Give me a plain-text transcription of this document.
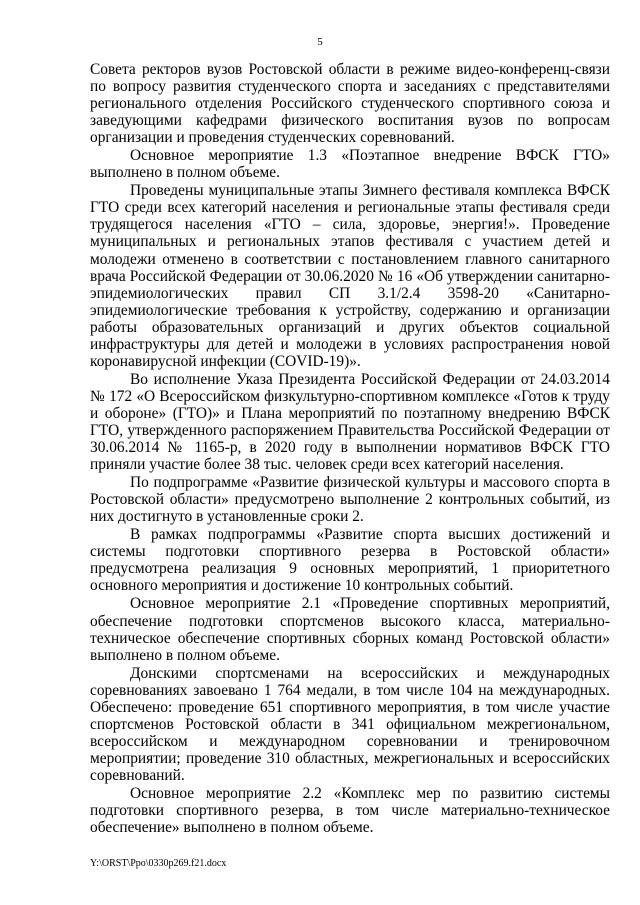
5

Совета ректоров вузов Ростовской области в режиме видео-конференц-связи по вопросу развития студенческого спорта и заседаниях с представителями регионального отделения Российского студенческого спортивного союза и заведующими кафедрами физического воспитания вузов по вопросам организации и проведения студенческих соревнований.

Основное мероприятие 1.3 «Поэтапное внедрение ВФСК ГТО» выполнено в полном объеме.

Проведены муниципальные этапы Зимнего фестиваля комплекса ВФСК ГТО среди всех категорий населения и региональные этапы фестиваля среди трудящегося населения «ГТО – сила, здоровье, энергия!». Проведение муниципальных и региональных этапов фестиваля с участием детей и молодежи отменено в соответствии с постановлением главного санитарного врача Российской Федерации от 30.06.2020 № 16 «Об утверждении санитарно-эпидемиологических правил СП 3.1/2.4 3598-20 «Санитарно-эпидемиологические требования к устройству, содержанию и организации работы образовательных организаций и других объектов социальной инфраструктуры для детей и молодежи в условиях распространения новой коронавирусной инфекции (COVID-19)».

Во исполнение Указа Президента Российской Федерации от 24.03.2014 № 172 «О Всероссийском физкультурно-спортивном комплексе «Готов к труду и обороне» (ГТО)» и Плана мероприятий по поэтапному внедрению ВФСК ГТО, утвержденного распоряжением Правительства Российской Федерации от 30.06.2014 № 1165-р, в 2020 году в выполнении нормативов ВФСК ГТО приняли участие более 38 тыс. человек среди всех категорий населения.

По подпрограмме «Развитие физической культуры и массового спорта в Ростовской области» предусмотрено выполнение 2 контрольных событий, из них достигнуто в установленные сроки 2.

В рамках подпрограммы «Развитие спорта высших достижений и системы подготовки спортивного резерва в Ростовской области» предусмотрена реализация 9 основных мероприятий, 1 приоритетного основного мероприятия и достижение 10 контрольных событий.

Основное мероприятие 2.1 «Проведение спортивных мероприятий, обеспечение подготовки спортсменов высокого класса, материально-техническое обеспечение спортивных сборных команд Ростовской области» выполнено в полном объеме.

Донскими спортсменами на всероссийских и международных соревнованиях завоевано 1 764 медали, в том числе 104 на международных. Обеспечено: проведение 651 спортивного мероприятия, в том числе участие спортсменов Ростовской области в 341 официальном межрегиональном, всероссийском и международном соревновании и тренировочном мероприятии; проведение 310 областных, межрегиональных и всероссийских соревнований.

Основное мероприятие 2.2 «Комплекс мер по развитию системы подготовки спортивного резерва, в том числе материально-техническое обеспечение» выполнено в полном объеме.

Y:\ORST\Ppo\0330p269.f21.docx
